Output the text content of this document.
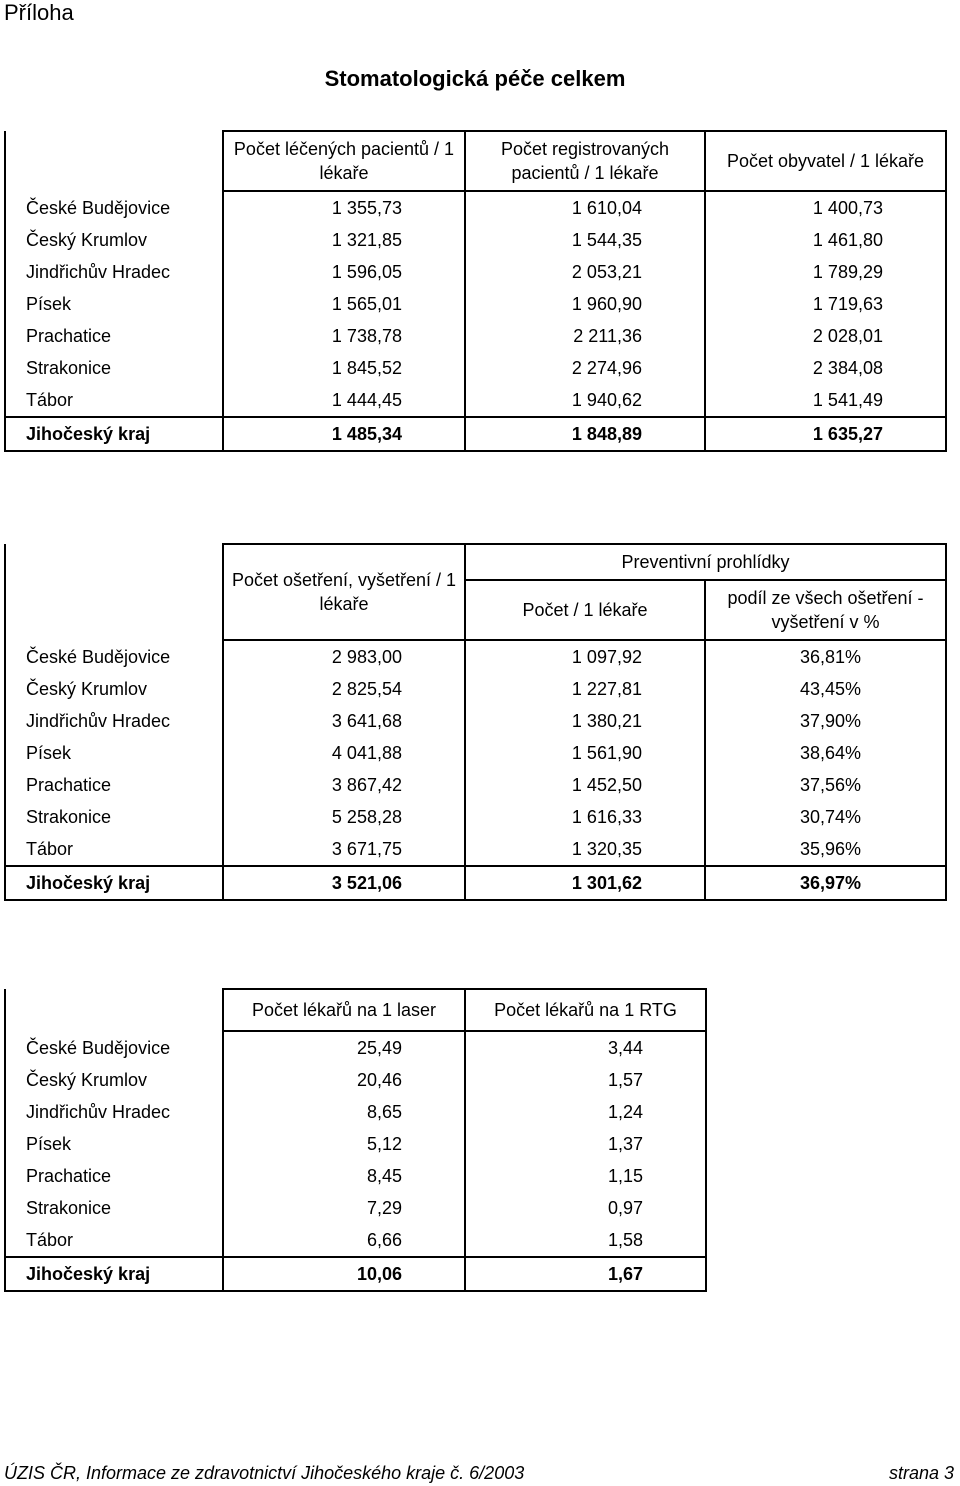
Příloha
Stomatologická péče celkem
	Počet léčených pacientů / 1 lékaře	Počet registrovaných pacientů / 1 lékaře	Počet obyvatel / 1 lékaře
České Budějovice	1 355,73	1 610,04	1 400,73
Český Krumlov	1 321,85	1 544,35	1 461,80
Jindřichův Hradec	1 596,05	2 053,21	1 789,29
Písek	1 565,01	1 960,90	1 719,63
Prachatice	1 738,78	2 211,36	2 028,01
Strakonice	1 845,52	2 274,96	2 384,08
Tábor	1 444,45	1 940,62	1 541,49
Jihočeský kraj	1 485,34	1 848,89	1 635,27
	Počet ošetření, vyšetření / 1 lékaře	Preventivní prohlídky	
		Počet / 1 lékaře	podíl ze všech ošetření - vyšetření v %
České Budějovice	2 983,00	1 097,92	36,81%
Český Krumlov	2 825,54	1 227,81	43,45%
Jindřichův Hradec	3 641,68	1 380,21	37,90%
Písek	4 041,88	1 561,90	38,64%
Prachatice	3 867,42	1 452,50	37,56%
Strakonice	5 258,28	1 616,33	30,74%
Tábor	3 671,75	1 320,35	35,96%
Jihočeský kraj	3 521,06	1 301,62	36,97%
	Počet lékařů na 1 laser	Počet lékařů na 1 RTG
České Budějovice	25,49	3,44
Český Krumlov	20,46	1,57
Jindřichův Hradec	8,65	1,24
Písek	5,12	1,37
Prachatice	8,45	1,15
Strakonice	7,29	0,97
Tábor	6,66	1,58
Jihočeský kraj	10,06	1,67
ÚZIS ČR, Informace ze zdravotnictví Jihočeského kraje č. 6/2003	strana 3
